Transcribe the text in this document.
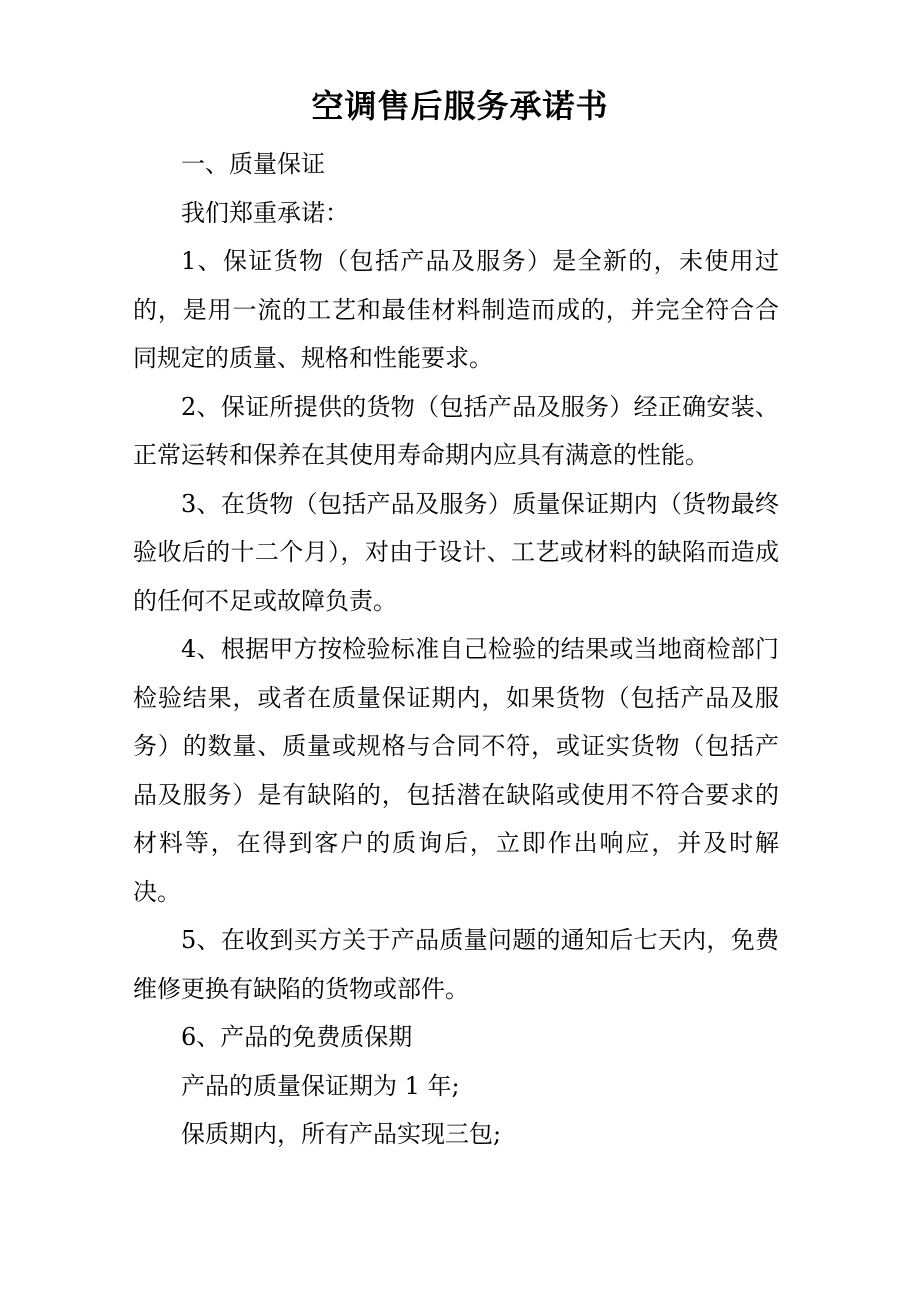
空调售后服务承诺书

一、质量保证

我们郑重承诺：

1、保证货物（包括产品及服务）是全新的，未使用过的，是用一流的工艺和最佳材料制造而成的，并完全符合合同规定的质量、规格和性能要求。

2、保证所提供的货物（包括产品及服务）经正确安装、正常运转和保养在其使用寿命期内应具有满意的性能。

3、在货物（包括产品及服务）质量保证期内（货物最终验收后的十二个月），对由于设计、工艺或材料的缺陷而造成的任何不足或故障负责。

4、根据甲方按检验标准自己检验的结果或当地商检部门检验结果，或者在质量保证期内，如果货物（包括产品及服务）的数量、质量或规格与合同不符，或证实货物（包括产品及服务）是有缺陷的，包括潜在缺陷或使用不符合要求的材料等，在得到客户的质询后，立即作出响应，并及时解决。

5、在收到买方关于产品质量问题的通知后七天内，免费维修更换有缺陷的货物或部件。

6、产品的免费质保期

产品的质量保证期为 1 年;

保质期内，所有产品实现三包;
